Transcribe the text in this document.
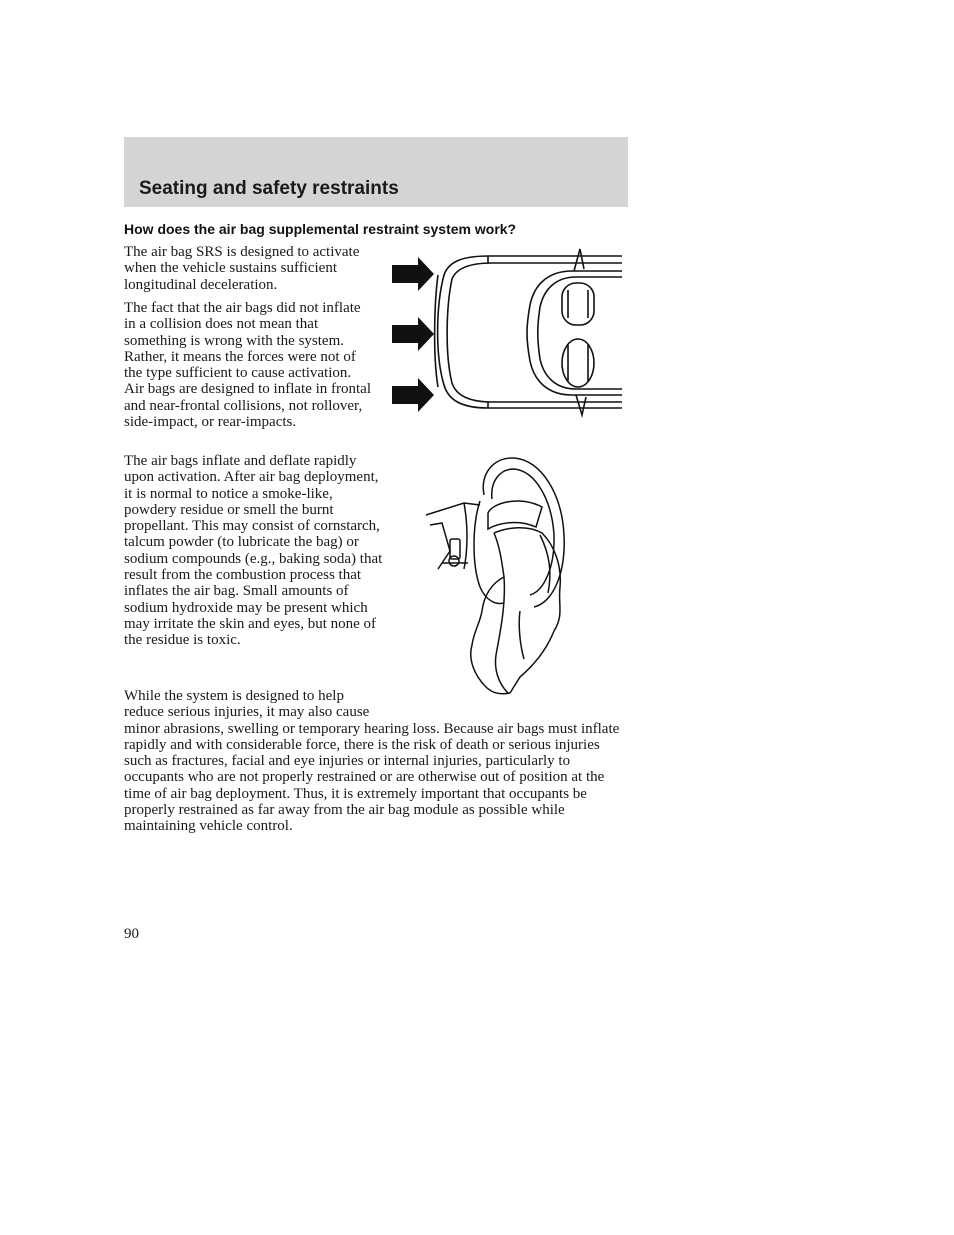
Seating and safety restraints
How does the air bag supplemental restraint system work?

The air bag SRS is designed to activate when the vehicle sustains sufficient longitudinal deceleration.

The fact that the air bags did not inflate in a collision does not mean that something is wrong with the system. Rather, it means the forces were not of the type sufficient to cause activation. Air bags are designed to inflate in frontal and near-frontal collisions, not rollover, side-impact, or rear-impacts.

The air bags inflate and deflate rapidly upon activation. After air bag deployment, it is normal to notice a smoke-like, powdery residue or smell the burnt propellant. This may consist of cornstarch, talcum powder (to lubricate the bag) or sodium compounds (e.g., baking soda) that result from the combustion process that inflates the air bag. Small amounts of sodium hydroxide may be present which may irritate the skin and eyes, but none of the residue is toxic.

While the system is designed to help reduce serious injuries, it may also cause minor abrasions, swelling or temporary hearing loss. Because air bags must inflate rapidly and with considerable force, there is the risk of death or serious injuries such as fractures, facial and eye injuries or internal injuries, particularly to occupants who are not properly restrained or are otherwise out of position at the time of air bag deployment. Thus, it is extremely important that occupants be properly restrained as far away from the air bag module as possible while maintaining vehicle control.

90
